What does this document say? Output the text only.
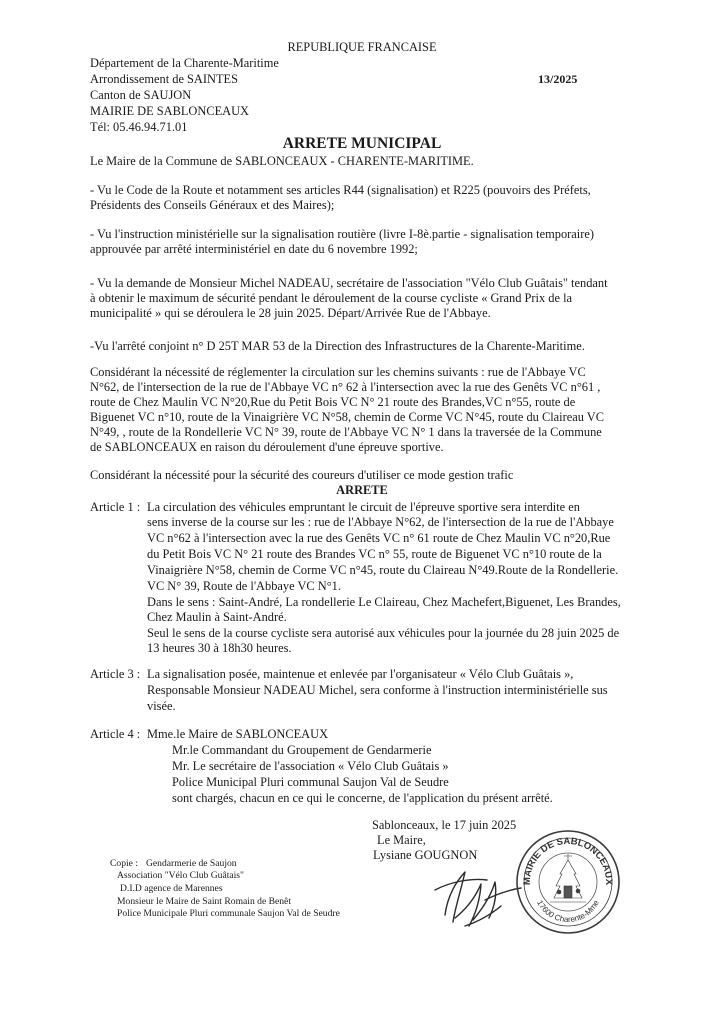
REPUBLIQUE FRANCAISE
Département de la Charente-Maritime
Arrondissement de SAINTES
Canton de SAUJON
MAIRIE DE SABLONCEAUX
Tél: 05.46.94.71.01
13/2025
ARRETE MUNICIPAL
Le Maire de la Commune de SABLONCEAUX - CHARENTE-MARITIME.
- Vu le Code de la Route et notamment ses articles R44 (signalisation) et R225 (pouvoirs des Préfets,
Présidents des Conseils Généraux et des Maires);
- Vu l'instruction ministérielle sur la signalisation routière (livre I-8è.partie - signalisation temporaire)
approuvée par arrêté interministériel en date du 6 novembre 1992;
- Vu la demande de Monsieur Michel NADEAU, secrétaire de l'association "Vélo Club Guâtais" tendant
à obtenir le maximum de sécurité pendant le déroulement de la course cycliste « Grand Prix de la
municipalité » qui se déroulera le 28 juin 2025. Départ/Arrivée Rue de l'Abbaye.
-Vu l'arrêté conjoint n° D 25T MAR 53 de la Direction des Infrastructures de la Charente-Maritime.
Considérant la nécessité de réglementer la circulation sur les chemins suivants : rue de l'Abbaye VC
N°62, de l'intersection de la rue de l'Abbaye VC n° 62 à l'intersection avec la rue des Genêts VC n°61 ,
route de Chez Maulin VC N°20,Rue du Petit Bois VC N° 21 route des Brandes,VC n°55, route de
Biguenet VC n°10, route de la Vinaigrière VC N°58, chemin de Corme VC N°45, route du Claireau VC
N°49, , route de la Rondellerie VC N° 39, route de l'Abbaye VC N° 1 dans la traversée de la Commune
de SABLONCEAUX en raison du déroulement d'une épreuve sportive.
Considérant la nécessité pour la sécurité des coureurs d'utiliser ce mode gestion trafic
ARRETE
Article 1 : La circulation des véhicules empruntant le circuit de l'épreuve sportive sera interdite en
sens inverse de la course sur les : rue de l'Abbaye N°62, de l'intersection de la rue de l'Abbaye
VC n°62 à l'intersection avec la rue des Genêts VC n° 61 route de Chez Maulin VC n°20,Rue
du Petit Bois VC N° 21 route des Brandes VC n° 55, route de Biguenet VC n°10 route de la
Vinaigrière N°58, chemin de Corme VC n°45, route du Claireau N°49.Route de la Rondellerie.
VC N° 39, Route de l'Abbaye VC N°1.
Dans le sens : Saint-André, La rondellerie Le Claireau, Chez Machefert,Biguenet, Les Brandes,
Chez Maulin à Saint-André.
Seul le sens de la course cycliste sera autorisé aux véhicules pour la journée du 28 juin 2025 de
13 heures 30 à 18h30 heures.
Article 3 : La signalisation posée, maintenue et enlevée par l'organisateur « Vélo Club Guâtais »,
Responsable Monsieur NADEAU Michel, sera conforme à l'instruction interministérielle sus
visée.
Article 4 : Mme.le Maire de SABLONCEAUX
Mr.le Commandant du Groupement de Gendarmerie
Mr. Le secrétaire de l'association « Vélo Club Guâtais »
Police Municipal Pluri communal Saujon Val de Seudre
sont chargés, chacun en ce qui le concerne, de l'application du présent arrêté.
Sablonceaux, le 17 juin 2025
Le Maire,
Lysiane GOUGNON
MAIRIE DE SABLONCEAUX
17600 Charente-Mme
Copie : Gendarmerie de Saujon
Association "Vélo Club Guâtais"
D.I.D agence de Marennes
Monsieur le Maire de Saint Romain de Benêt
Police Municipale Pluri communale Saujon Val de Seudre
